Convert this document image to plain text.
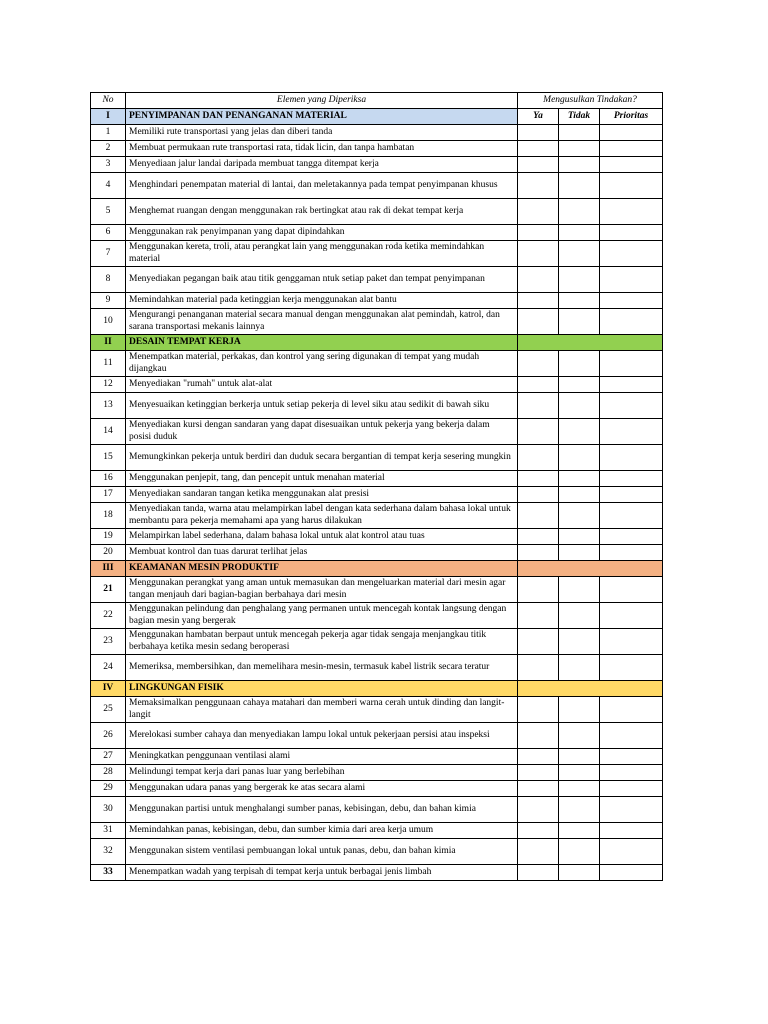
No	Elemen yang Diperiksa	Mengusulkan Tindakan?		
I	PENYIMPANAN DAN PENANGANAN MATERIAL	Ya	Tidak	Prioritas
1	Memiliki rute transportasi yang jelas dan diberi tanda			
2	Membuat permukaan rute transportasi rata, tidak licin, dan tanpa hambatan			
3	Menyediaan jalur landai daripada membuat tangga ditempat kerja			
4	Menghindari penempatan material di lantai, dan meletakannya pada tempat penyimpanan khusus			
5	Menghemat ruangan dengan menggunakan rak bertingkat atau rak di dekat tempat kerja			
6	Menggunakan rak penyimpanan yang dapat dipindahkan			
7	Menggunakan kereta, troli, atau perangkat lain yang menggunakan roda ketika memindahkan material			
8	Menyediakan pegangan baik atau titik genggaman ntuk setiap paket dan tempat penyimpanan			
9	Memindahkan material pada ketinggian kerja menggunakan alat bantu			
10	Mengurangi penanganan material secara manual dengan menggunakan alat pemindah, katrol, dan sarana transportasi mekanis lainnya			
II	DESAIN TEMPAT KERJA			
11	Menempatkan material, perkakas, dan kontrol yang sering digunakan di tempat yang mudah dijangkau			
12	Menyediakan "rumah" untuk alat-alat			
13	Menyesuaikan ketinggian berkerja untuk setiap pekerja di level siku atau sedikit di bawah siku			
14	Menyediakan kursi dengan sandaran yang dapat disesuaikan untuk pekerja yang bekerja dalam posisi duduk			
15	Memungkinkan pekerja untuk berdiri dan duduk secara bergantian di tempat kerja sesering mungkin			
16	Menggunakan penjepit, tang, dan pencepit untuk menahan material			
17	Menyediakan sandaran tangan ketika menggunakan alat presisi			
18	Menyediakan tanda, warna atau melampirkan label dengan kata sederhana dalam bahasa lokal untuk membantu para pekerja memahami apa yang harus dilakukan			
19	Melampirkan label sederhana, dalam bahasa lokal untuk alat kontrol atau tuas			
20	Membuat kontrol dan tuas darurat terlihat jelas			
III	KEAMANAN MESIN PRODUKTIF			
21	Menggunakan perangkat yang aman untuk memasukan dan mengeluarkan material dari mesin agar tangan menjauh dari bagian-bagian berbahaya dari mesin			
22	Menggunakan pelindung dan penghalang yang permanen untuk mencegah kontak langsung dengan bagian mesin yang bergerak			
23	Menggunakan hambatan berpaut untuk mencegah pekerja agar tidak sengaja menjangkau titik berbahaya ketika mesin sedang beroperasi			
24	Memeriksa, membersihkan, dan memelihara mesin-mesin, termasuk kabel listrik secara teratur			
IV	LINGKUNGAN FISIK			
25	Memaksimalkan penggunaan cahaya matahari dan memberi warna cerah untuk dinding dan langit-langit			
26	Merelokasi sumber cahaya dan menyediakan lampu lokal untuk pekerjaan persisi atau inspeksi			
27	Meningkatkan penggunaan ventilasi alami			
28	Melindungi tempat kerja dari panas luar yang berlebihan			
29	Menggunakan udara panas yang bergerak ke atas secara alami			
30	Menggunakan partisi untuk menghalangi sumber panas, kebisingan, debu, dan bahan kimia			
31	Memindahkan panas, kebisingan, debu, dan sumber kimia dari area kerja umum			
32	Menggunakan sistem ventilasi pembuangan lokal untuk panas, debu, dan bahan kimia			
33	Menempatkan wadah yang terpisah di tempat kerja untuk berbagai jenis limbah			
